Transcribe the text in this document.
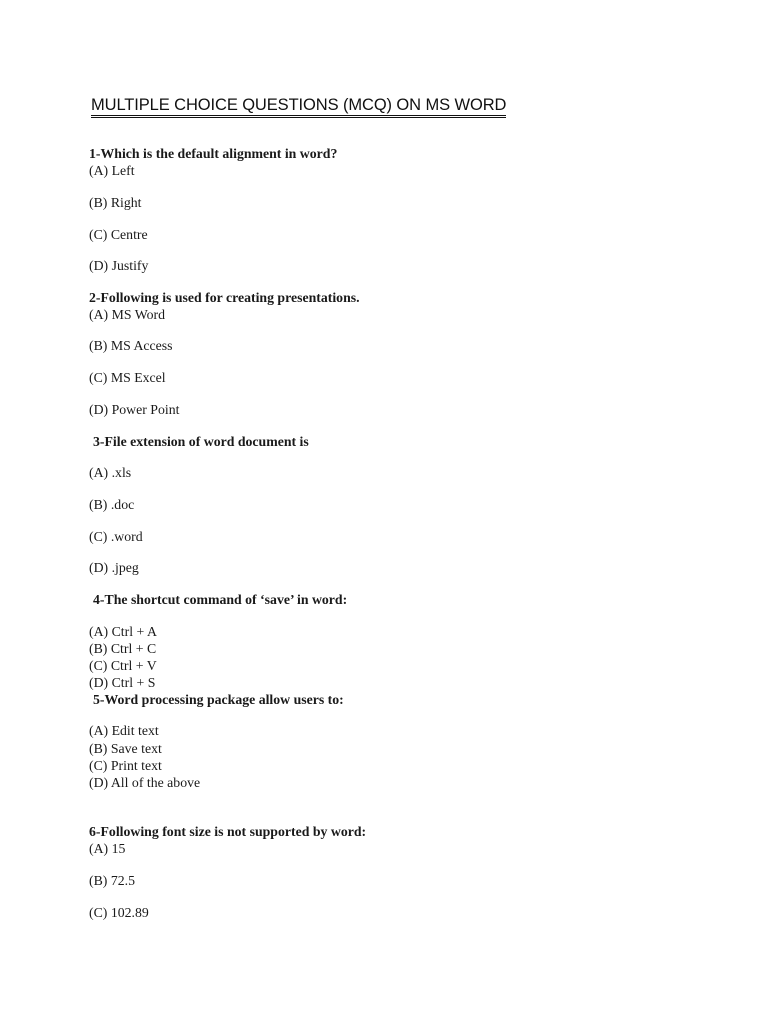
MULTIPLE CHOICE QUESTIONS (MCQ) ON MS WORD

1-Which is the default alignment in word?

(A) Left

(B) Right

(C) Centre

(D) Justify

2-Following is used for creating presentations.

(A) MS Word

(B) MS Access

(C) MS Excel

(D) Power Point

3-File extension of word document is

(A) .xls

(B) .doc

(C) .word

(D) .jpeg

4-The shortcut command of ‘save’ in word:

(A) Ctrl + A

(B) Ctrl + C

(C) Ctrl + V

(D) Ctrl + S

5-Word processing package allow users to:

(A) Edit text

(B) Save text

(C) Print text

(D) All of the above

6-Following font size is not supported by word:

(A) 15

(B) 72.5

(C) 102.89
